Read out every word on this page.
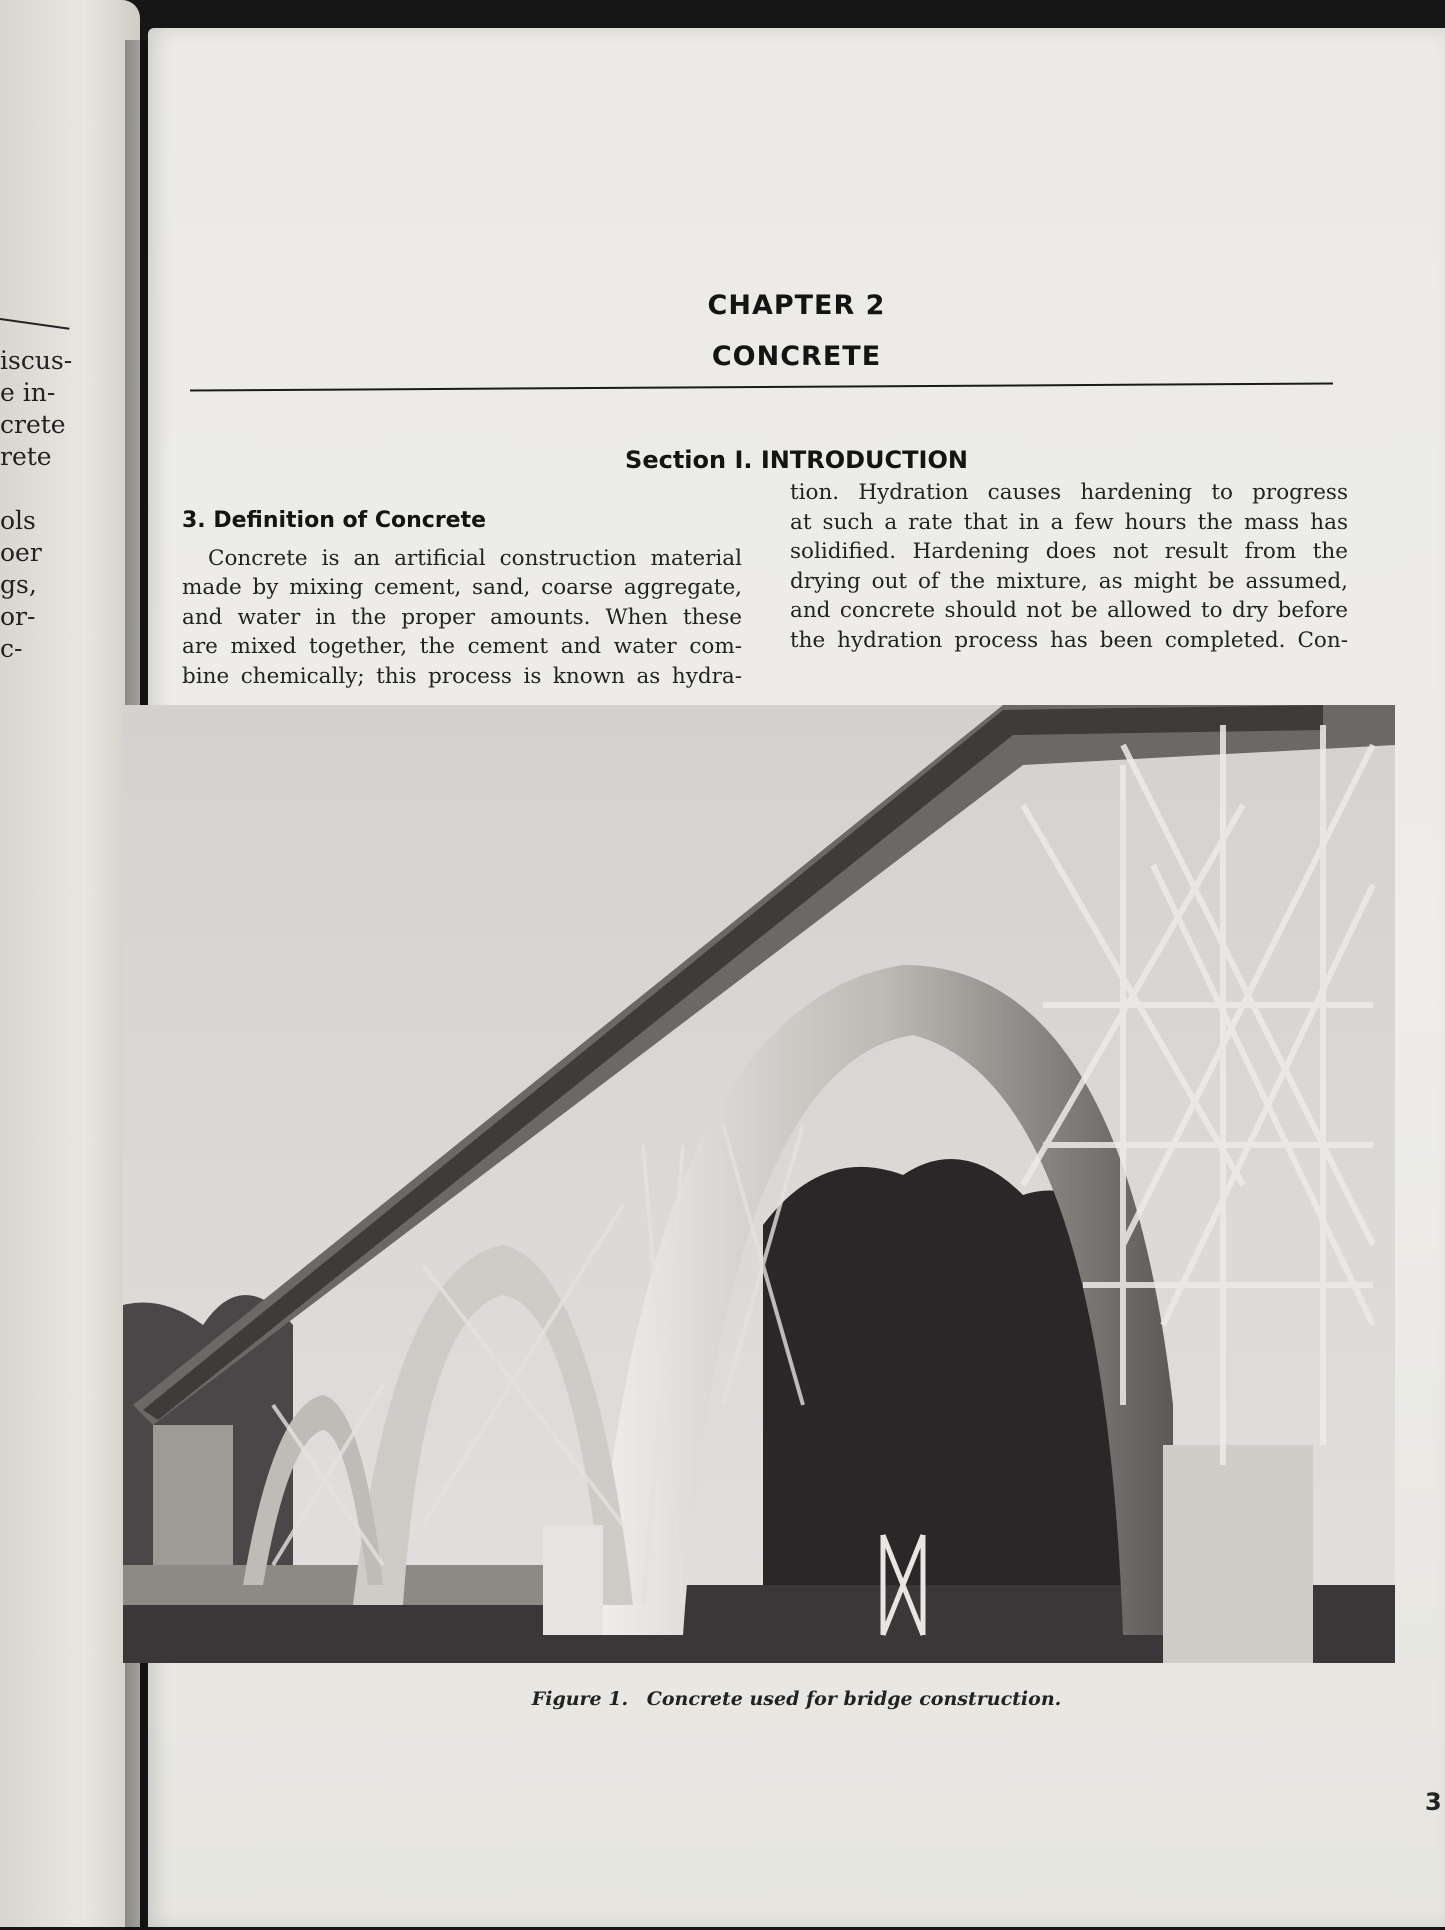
iscus-
e in-
crete
rete

ols
oer
gs,
or-
c-
CHAPTER 2
CONCRETE
Section I. INTRODUCTION
3. Definition of Concrete
Concrete is an artificial construction material
made by mixing cement, sand, coarse aggregate,
and water in the proper amounts. When these
are mixed together, the cement and water com-
bine chemically; this process is known as hydra-
tion. Hydration causes hardening to progress
at such a rate that in a few hours the mass has
solidified. Hardening does not result from the
drying out of the mixture, as might be assumed,
and concrete should not be allowed to dry before
the hydration process has been completed. Con-
Figure 1. Concrete used for bridge construction.
3
